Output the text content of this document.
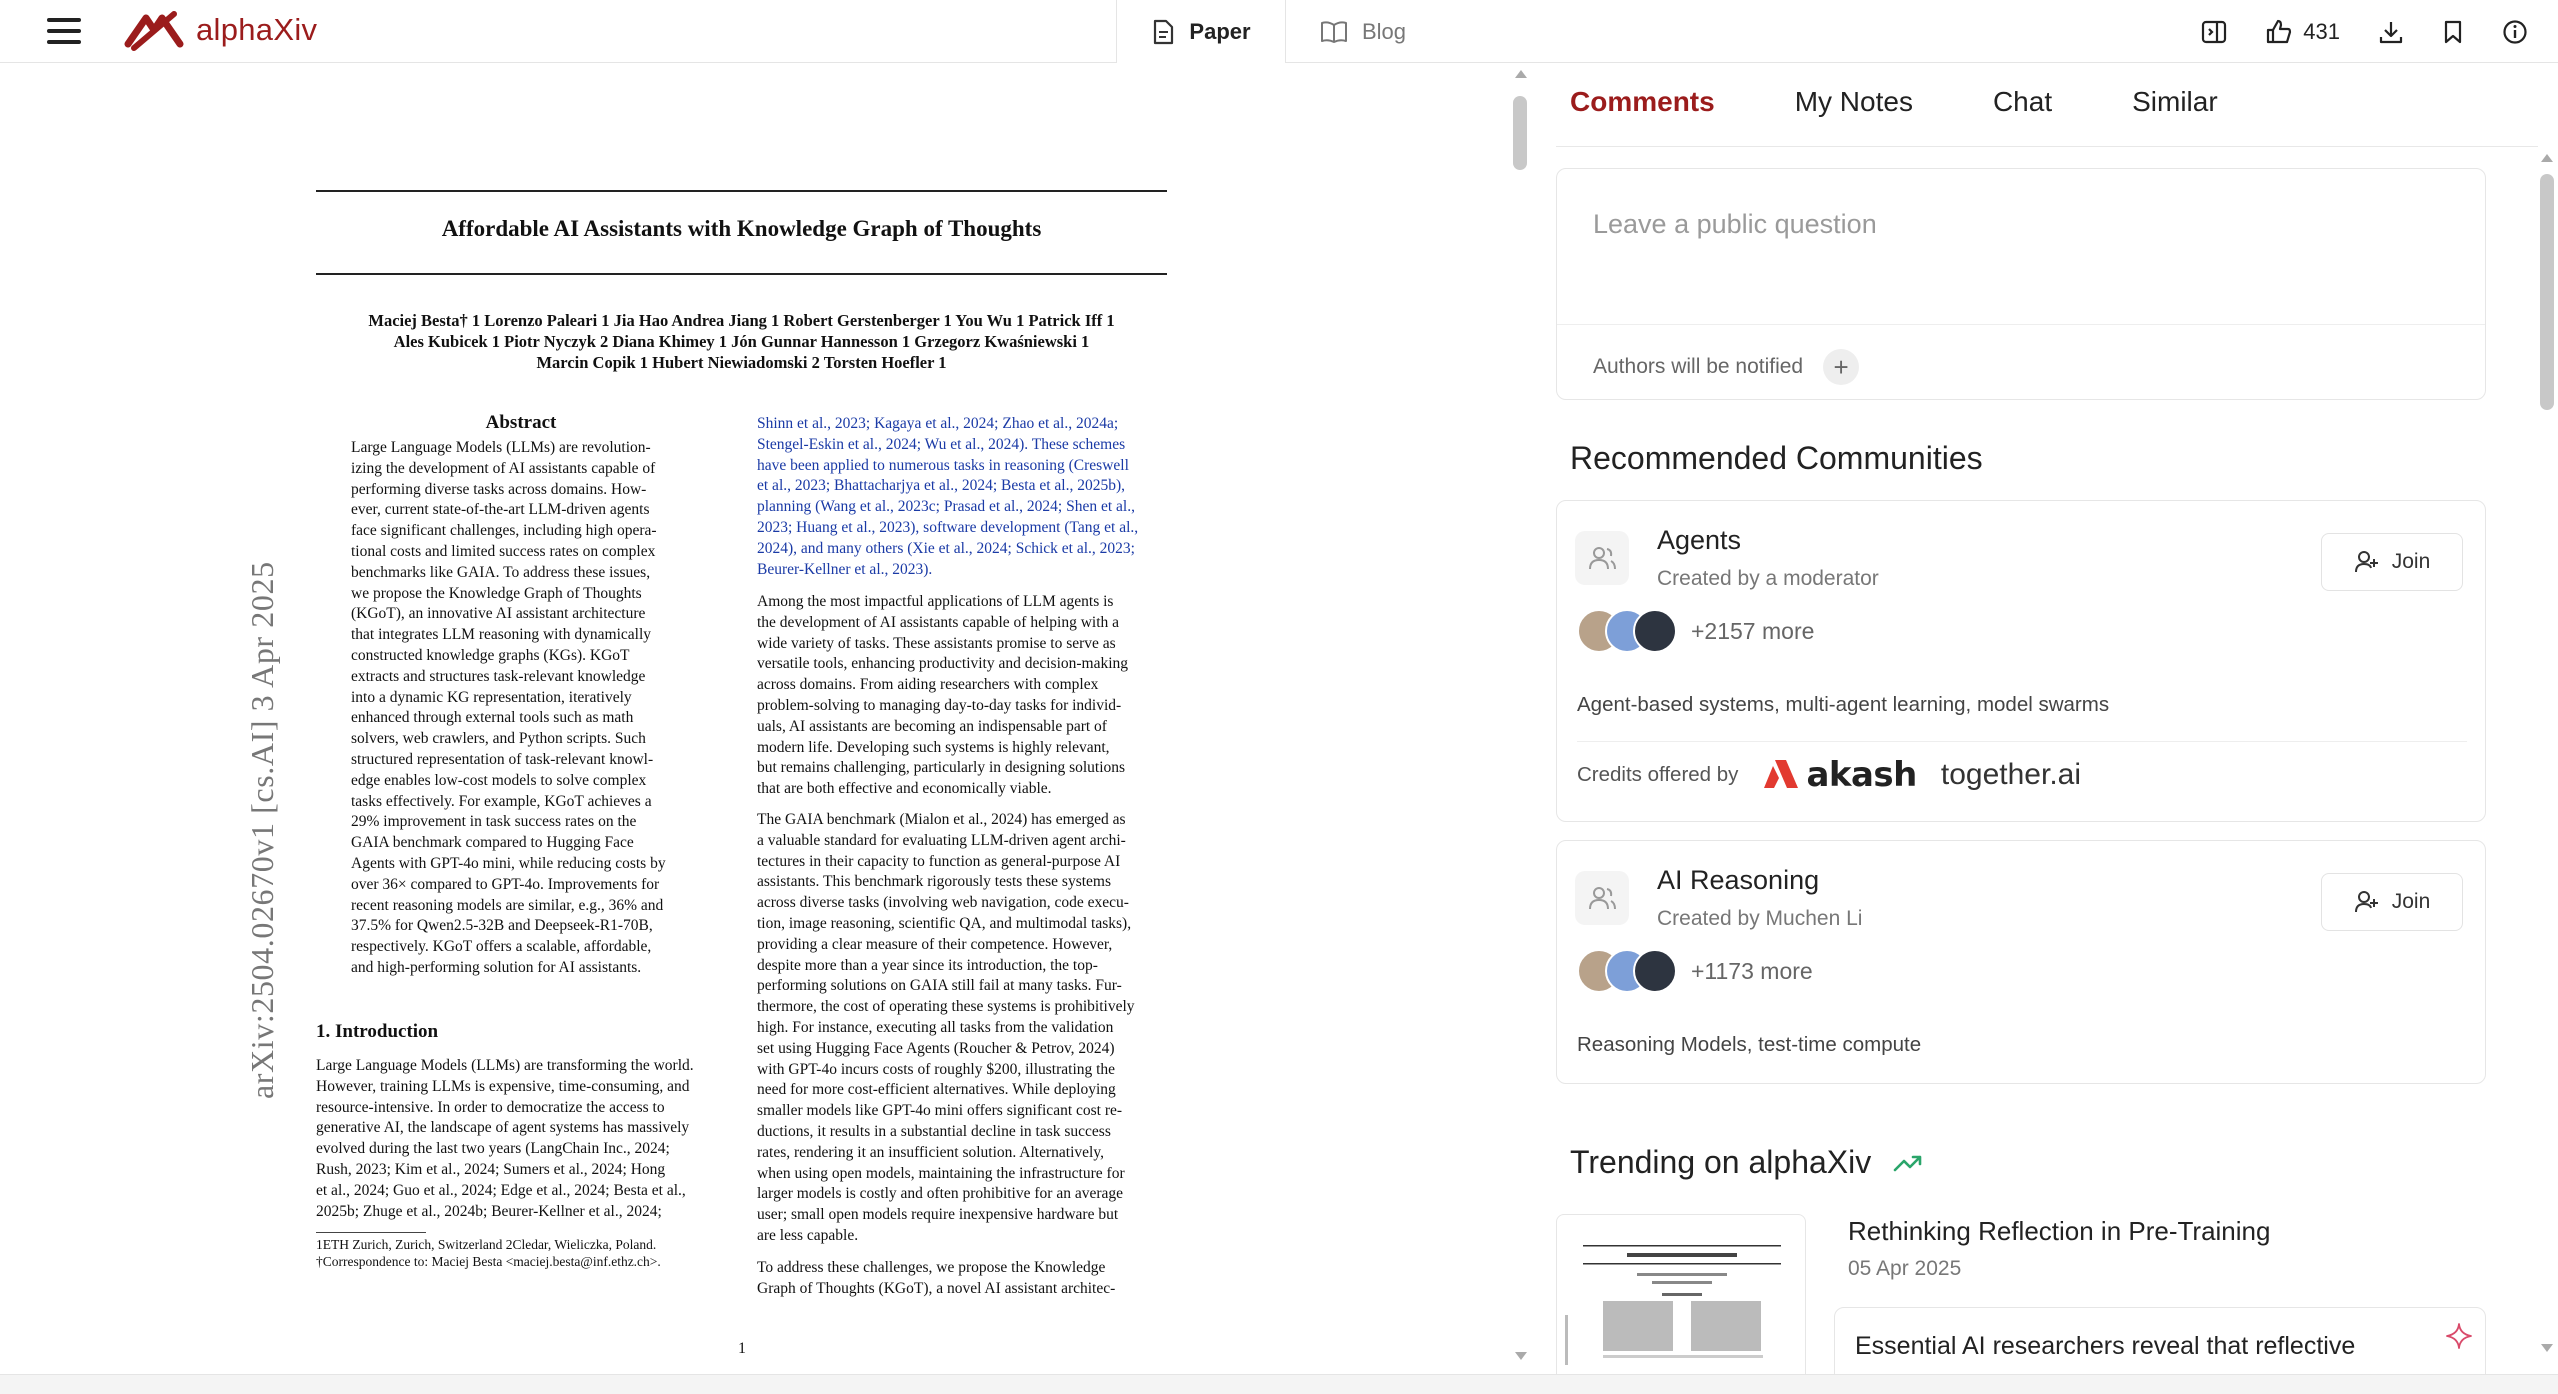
alphaXiv	Paper	Blog	431
Affordable AI Assistants with Knowledge Graph of Thoughts
Maciej Besta† 1 Lorenzo Paleari 1 Jia Hao Andrea Jiang 1 Robert Gerstenberger 1 You Wu 1 Patrick Iff 1
Ales Kubicek 1 Piotr Nyczyk 2 Diana Khimey 1 Jón Gunnar Hannesson 1 Grzegorz Kwaśniewski 1
Marcin Copik 1 Hubert Niewiadomski 2 Torsten Hoefler 1
arXiv:2504.02670v1 [cs.AI] 3 Apr 2025
Abstract
Large Language Models (LLMs) are revolution-
izing the development of AI assistants capable of
performing diverse tasks across domains. How-
ever, current state-of-the-art LLM-driven agents
face significant challenges, including high opera-
tional costs and limited success rates on complex
benchmarks like GAIA. To address these issues,
we propose the Knowledge Graph of Thoughts
(KGoT), an innovative AI assistant architecture
that integrates LLM reasoning with dynamically
constructed knowledge graphs (KGs). KGoT
extracts and structures task-relevant knowledge
into a dynamic KG representation, iteratively
enhanced through external tools such as math
solvers, web crawlers, and Python scripts. Such
structured representation of task-relevant knowl-
edge enables low-cost models to solve complex
tasks effectively. For example, KGoT achieves a
29% improvement in task success rates on the
GAIA benchmark compared to Hugging Face
Agents with GPT-4o mini, while reducing costs by
over 36× compared to GPT-4o. Improvements for
recent reasoning models are similar, e.g., 36% and
37.5% for Qwen2.5-32B and Deepseek-R1-70B,
respectively. KGoT offers a scalable, affordable,
and high-performing solution for AI assistants.
1. Introduction
Large Language Models (LLMs) are transforming the world.
However, training LLMs is expensive, time-consuming, and
resource-intensive. In order to democratize the access to
generative AI, the landscape of agent systems has massively
evolved during the last two years (LangChain Inc., 2024;
Rush, 2023; Kim et al., 2024; Sumers et al., 2024; Hong
et al., 2024; Guo et al., 2024; Edge et al., 2024; Besta et al.,
2025b; Zhuge et al., 2024b; Beurer-Kellner et al., 2024;
1ETH Zurich, Zurich, Switzerland 2Cledar, Wieliczka, Poland.
†Correspondence to: Maciej Besta <maciej.besta@inf.ethz.ch>.
Shinn et al., 2023; Kagaya et al., 2024; Zhao et al., 2024a;
Stengel-Eskin et al., 2024; Wu et al., 2024). These schemes
have been applied to numerous tasks in reasoning (Creswell
et al., 2023; Bhattacharjya et al., 2024; Besta et al., 2025b),
planning (Wang et al., 2023c; Prasad et al., 2024; Shen et al.,
2023; Huang et al., 2023), software development (Tang et al.,
2024), and many others (Xie et al., 2024; Schick et al., 2023;
Beurer-Kellner et al., 2023).
Among the most impactful applications of LLM agents is
the development of AI assistants capable of helping with a
wide variety of tasks. These assistants promise to serve as
versatile tools, enhancing productivity and decision-making
across domains. From aiding researchers with complex
problem-solving to managing day-to-day tasks for individ-
uals, AI assistants are becoming an indispensable part of
modern life. Developing such systems is highly relevant,
but remains challenging, particularly in designing solutions
that are both effective and economically viable.
The GAIA benchmark (Mialon et al., 2024) has emerged as
a valuable standard for evaluating LLM-driven agent archi-
tectures in their capacity to function as general-purpose AI
assistants. This benchmark rigorously tests these systems
across diverse tasks (involving web navigation, code execu-
tion, image reasoning, scientific QA, and multimodal tasks),
providing a clear measure of their competence. However,
despite more than a year since its introduction, the top-
performing solutions on GAIA still fail at many tasks. Fur-
thermore, the cost of operating these systems is prohibitively
high. For instance, executing all tasks from the validation
set using Hugging Face Agents (Roucher & Petrov, 2024)
with GPT-4o incurs costs of roughly $200, illustrating the
need for more cost-efficient alternatives. While deploying
smaller models like GPT-4o mini offers significant cost re-
ductions, it results in a substantial decline in task success
rates, rendering it an insufficient solution. Alternatively,
when using open models, maintaining the infrastructure for
larger models is costly and often prohibitive for an average
user; small open models require inexpensive hardware but
are less capable.
To address these challenges, we propose the Knowledge
Graph of Thoughts (KGoT), a novel AI assistant architec-
1
Comments	My Notes	Chat	Similar
Leave a public question
Authors will be notified	+
Recommended Communities
Agents
Created by a moderator
Join
+2157 more
Agent-based systems, multi-agent learning, model swarms
Credits offered by akash together.ai
AI Reasoning
Created by Muchen Li
Join
+1173 more
Reasoning Models, test-time compute
Trending on alphaXiv
Rethinking Reflection in Pre-Training
05 Apr 2025
Essential AI researchers reveal that reflective
